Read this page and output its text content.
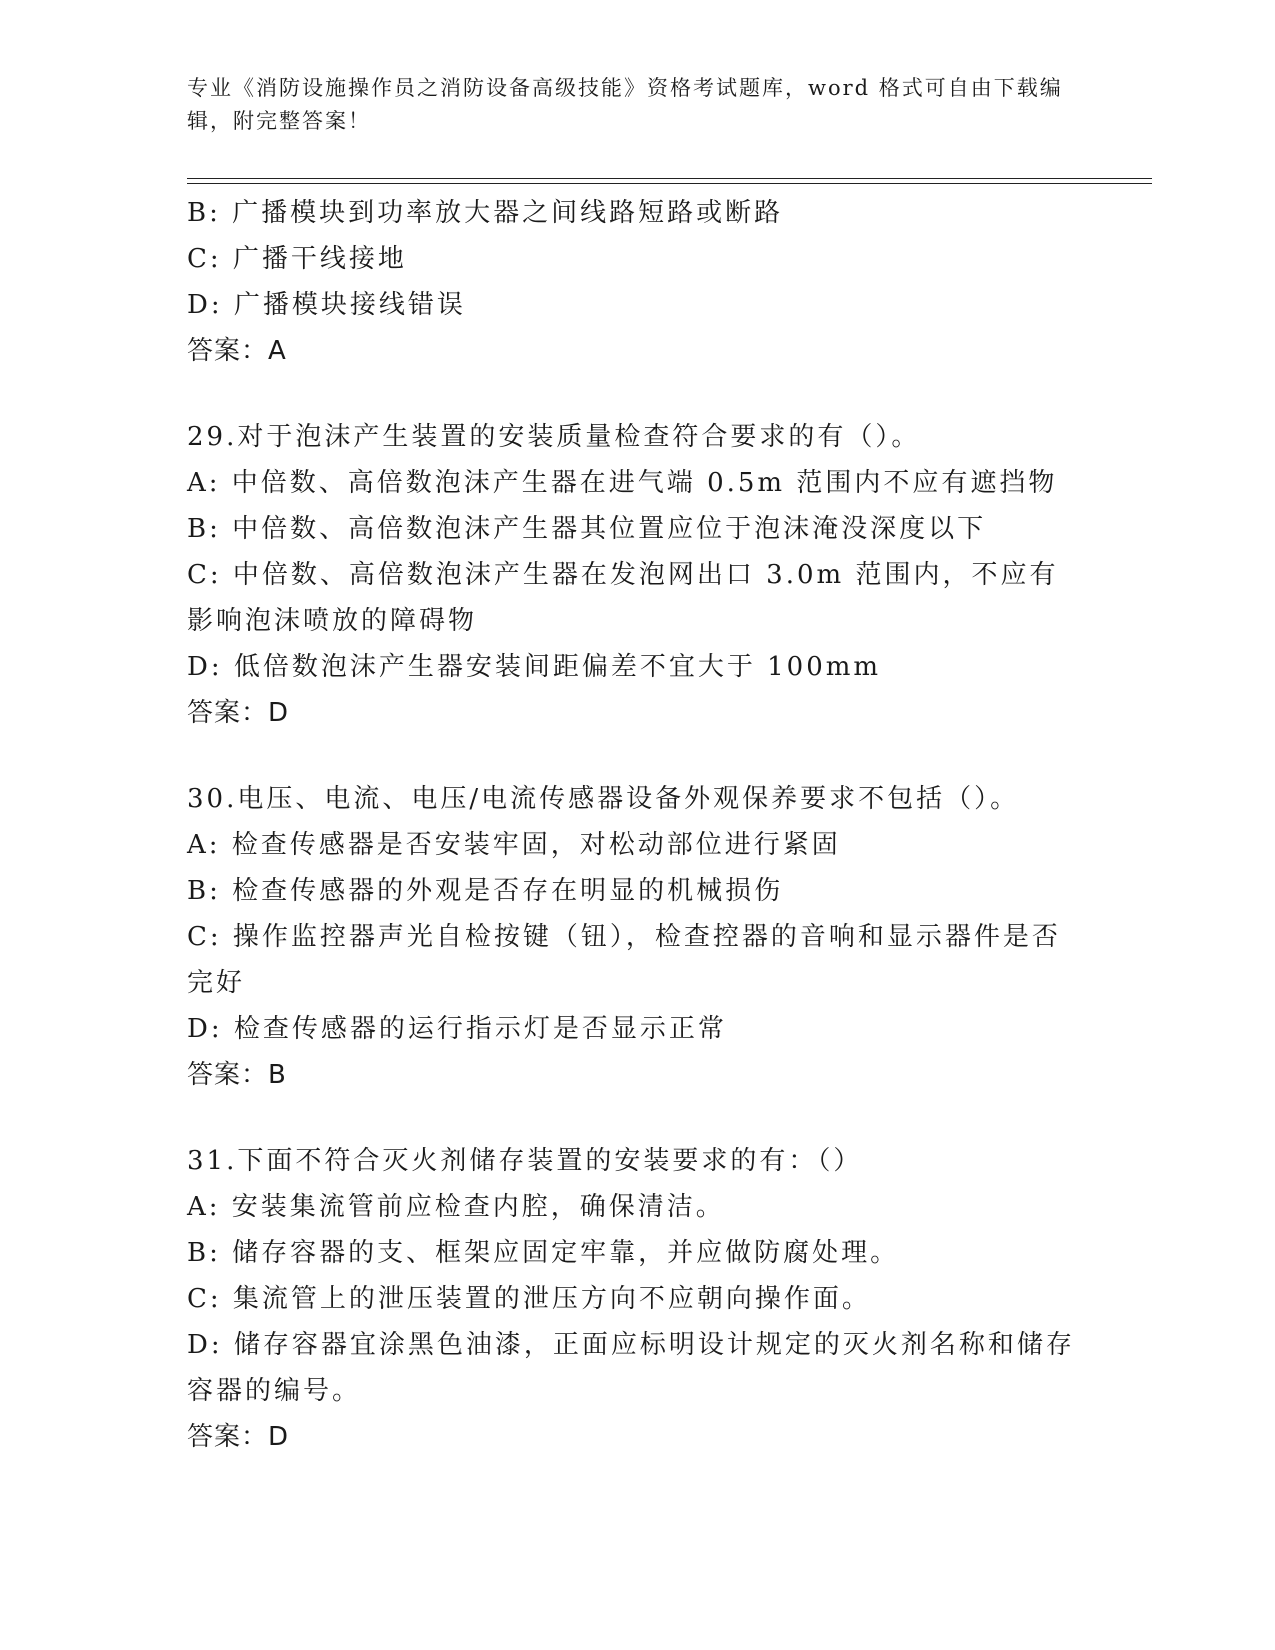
专业《消防设施操作员之消防设备高级技能》资格考试题库，word 格式可自由下载编辑，附完整答案！
B: 广播模块到功率放大器之间线路短路或断路
C: 广播干线接地
D: 广播模块接线错误
答案：A
29.对于泡沫产生装置的安装质量检查符合要求的有（）。
A: 中倍数、高倍数泡沫产生器在进气端 0.5m 范围内不应有遮挡物
B: 中倍数、高倍数泡沫产生器其位置应位于泡沫淹没深度以下
C: 中倍数、高倍数泡沫产生器在发泡网出口 3.0m 范围内，不应有影响泡沫喷放的障碍物
D: 低倍数泡沫产生器安装间距偏差不宜大于 100mm
答案：D
30.电压、电流、电压/电流传感器设备外观保养要求不包括（）。
A: 检查传感器是否安装牢固，对松动部位进行紧固
B: 检查传感器的外观是否存在明显的机械损伤
C: 操作监控器声光自检按键（钮），检查控器的音响和显示器件是否完好
D: 检查传感器的运行指示灯是否显示正常
答案：B
31.下面不符合灭火剂储存装置的安装要求的有：（）
A: 安装集流管前应检查内腔，确保清洁。
B: 储存容器的支、框架应固定牢靠，并应做防腐处理。
C: 集流管上的泄压装置的泄压方向不应朝向操作面。
D: 储存容器宜涂黑色油漆，正面应标明设计规定的灭火剂名称和储存容器的编号。
答案：D
